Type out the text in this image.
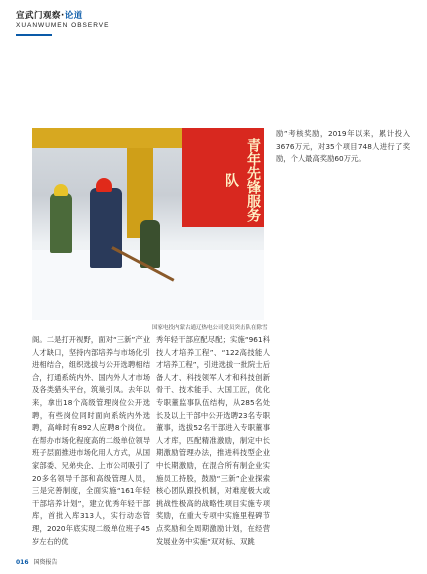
宣武门观察·论道
XUANWUMEN OBSERVE
青年先锋服务队
国家电投内蒙古通辽热电公司党员突击队在除雪

励”考核奖励，2019年以来，累计投入3676万元，对35个项目748人进行了奖励，个人最高奖励60万元。

阁。二是打开视野，面对“三新”产业人才缺口，坚持内部培养与市场化引进相结合，组织选拔与公开选聘相结合，打通系统内外、国内外人才市场及各类猎头平台，筑巢引凤。去年以来，拿出18个高级管理岗位公开选聘，有些岗位同时面向系统内外选聘，高峰时有892人应聘8个岗位。在帮办市场化程度高的二级单位领导班子层面推进市场化用人方式，从国家部委、兄弟央企、上市公司吸引了20多名领导千部和高级管理人员，三是完善制度，全面实施“161年轻干部培养计划”，建立优秀年轻干部库，首批入库313人，实行动态管理，2020年底实现二级单位班子45岁左右的优

秀年轻干部应配尽配；实施“961科技人才培养工程”、“122高技能人才培养工程”，引进选拔一批院士后备人才、科技领军人才和科技创新骨干、技术能手、大国工匠，优化专职董监事队伍结构，从285名处长及以上干部中公开选聘23名专职董事，选拔52名干部进入专职董事人才库，匹配精准激励，制定中长期激励管理办法，推进科技型企业中长期激励，在混合所有制企业实施员工持股，鼓励“三新”企业探索核心团队跟投机制，对难度极大或挑战性极高的战略性项目实施专项奖励，在重大专项中实施里程碑节点奖励和全周期激励计划，在经营发展业务中实施“双对标、双跳

016 国资报告
